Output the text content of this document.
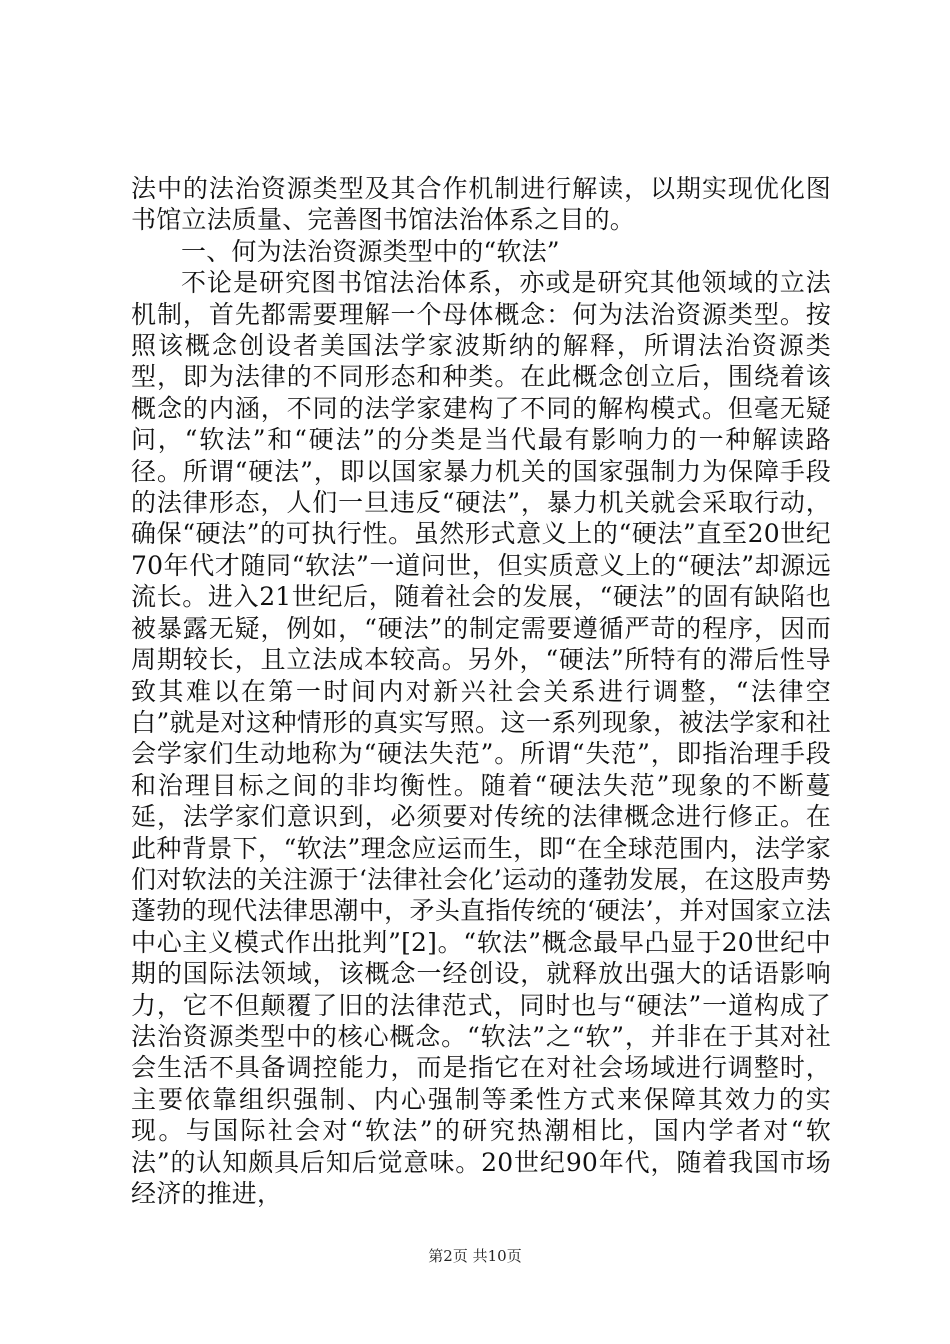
法中的法治资源类型及其合作机制进行解读，以期实现优化图书馆立法质量、完善图书馆法治体系之目的。

一、何为法治资源类型中的“软法”

不论是研究图书馆法治体系，亦或是研究其他领域的立法机制，首先都需要理解一个母体概念：何为法治资源类型。按照该概念创设者美国法学家波斯纳的解释，所谓法治资源类型，即为法律的不同形态和种类。在此概念创立后，围绕着该概念的内涵，不同的法学家建构了不同的解构模式。但毫无疑问，“软法”和“硬法”的分类是当代最有影响力的一种解读路径。所谓“硬法”，即以国家暴力机关的国家强制力为保障手段的法律形态，人们一旦违反“硬法”，暴力机关就会采取行动，确保“硬法”的可执行性。虽然形式意义上的“硬法”直至20世纪70年代才随同“软法”一道问世，但实质意义上的“硬法”却源远流长。进入21世纪后，随着社会的发展，“硬法”的固有缺陷也被暴露无疑，例如，“硬法”的制定需要遵循严苛的程序，因而周期较长，且立法成本较高。另外，“硬法”所特有的滞后性导致其难以在第一时间内对新兴社会关系进行调整，“法律空白”就是对这种情形的真实写照。这一系列现象，被法学家和社会学家们生动地称为“硬法失范”。所谓“失范”，即指治理手段和治理目标之间的非均衡性。随着“硬法失范”现象的不断蔓延，法学家们意识到，必须要对传统的法律概念进行修正。在此种背景下，“软法”理念应运而生，即“在全球范围内，法学家们对软法的关注源于‘法律社会化’运动的蓬勃发展，在这股声势蓬勃的现代法律思潮中，矛头直指传统的‘硬法’，并对国家立法中心主义模式作出批判”[2]。“软法”概念最早凸显于20世纪中期的国际法领域，该概念一经创设，就释放出强大的话语影响力，它不但颠覆了旧的法律范式，同时也与“硬法”一道构成了法治资源类型中的核心概念。“软法”之“软”，并非在于其对社会生活不具备调控能力，而是指它在对社会场域进行调整时，主要依靠组织强制、内心强制等柔性方式来保障其效力的实现。与国际社会对“软法”的研究热潮相比，国内学者对“软法”的认知颇具后知后觉意味。20世纪90年代，随着我国市场经济的推进，

第2页 共10页
